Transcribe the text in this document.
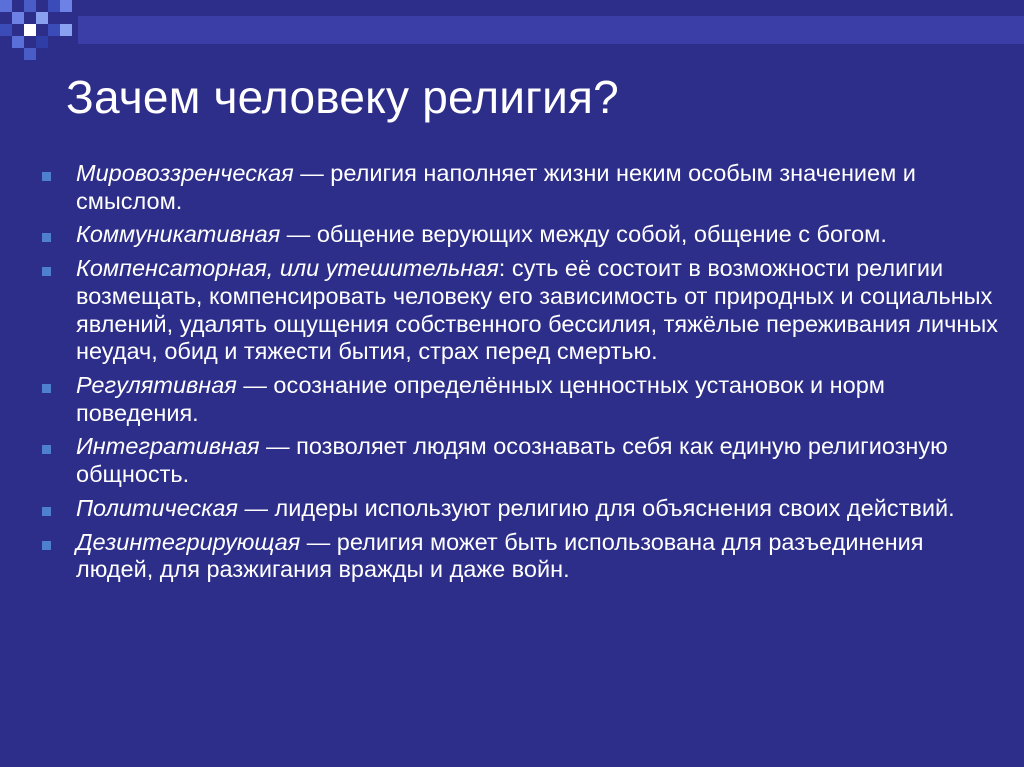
Зачем человеку религия?
Мировоззренческая — религия наполняет жизни неким особым значением и смыслом.
Коммуникативная — общение верующих между собой, общение с богом.
Компенсаторная, или утешительная: суть её состоит в возможности религии возмещать, компенсировать человеку его зависимость от природных и социальных явлений, удалять ощущения собственного бессилия, тяжёлые переживания личных неудач, обид и тяжести бытия, страх перед смертью.
Регулятивная — осознание определённых ценностных установок и норм поведения.
Интегративная — позволяет людям осознавать себя как единую религиозную общность.
Политическая — лидеры используют религию для объяснения своих действий.
Дезинтегрирующая — религия может быть использована для разъединения людей, для разжигания вражды и даже войн.
